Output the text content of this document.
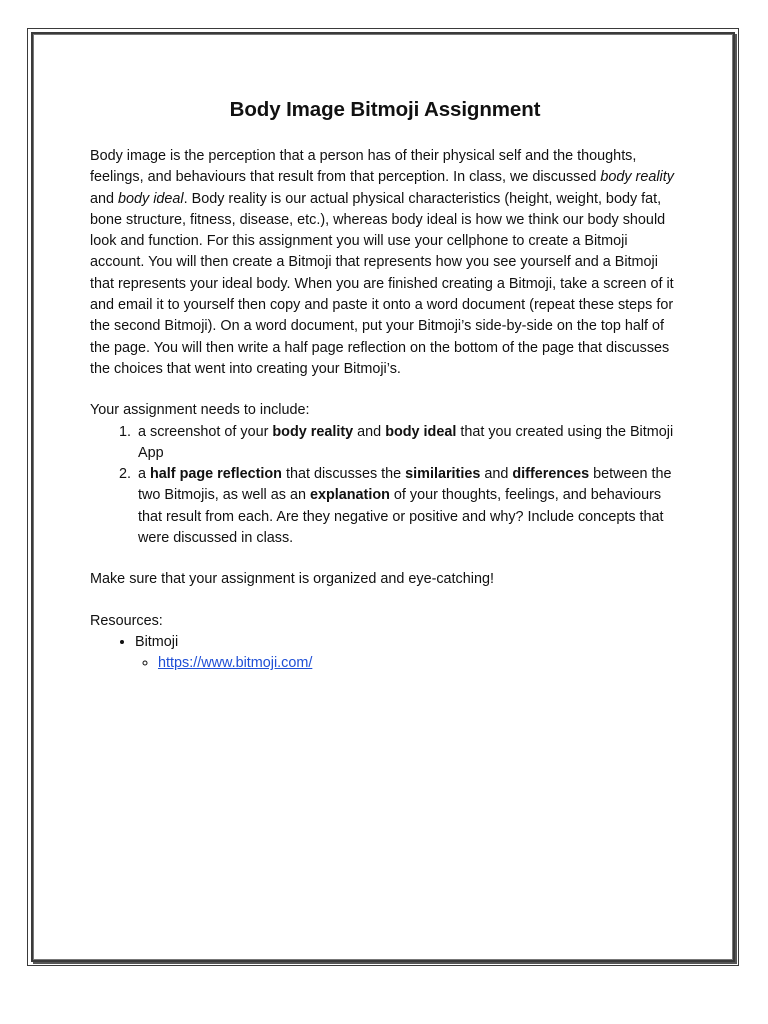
Body Image Bitmoji Assignment

Body image is the perception that a person has of their physical self and the thoughts, feelings, and behaviours that result from that perception. In class, we discussed body reality and body ideal. Body reality is our actual physical characteristics (height, weight, body fat, bone structure, fitness, disease, etc.), whereas body ideal is how we think our body should look and function. For this assignment you will use your cellphone to create a Bitmoji account. You will then create a Bitmoji that represents how you see yourself and a Bitmoji that represents your ideal body. When you are finished creating a Bitmoji, take a screen of it and email it to yourself then copy and paste it onto a word document (repeat these steps for the second Bitmoji). On a word document, put your Bitmoji’s side-by-side on the top half of the page. You will then write a half page reflection on the bottom of the page that discusses the choices that went into creating your Bitmoji’s.

Your assignment needs to include:

1. a screenshot of your body reality and body ideal that you created using the Bitmoji App
2. a half page reflection that discusses the similarities and differences between the two Bitmojis, as well as an explanation of your thoughts, feelings, and behaviours that result from each. Are they negative or positive and why? Include concepts that were discussed in class.

Make sure that your assignment is organized and eye-catching!

Resources:

• Bitmoji
◦ https://www.bitmoji.com/
